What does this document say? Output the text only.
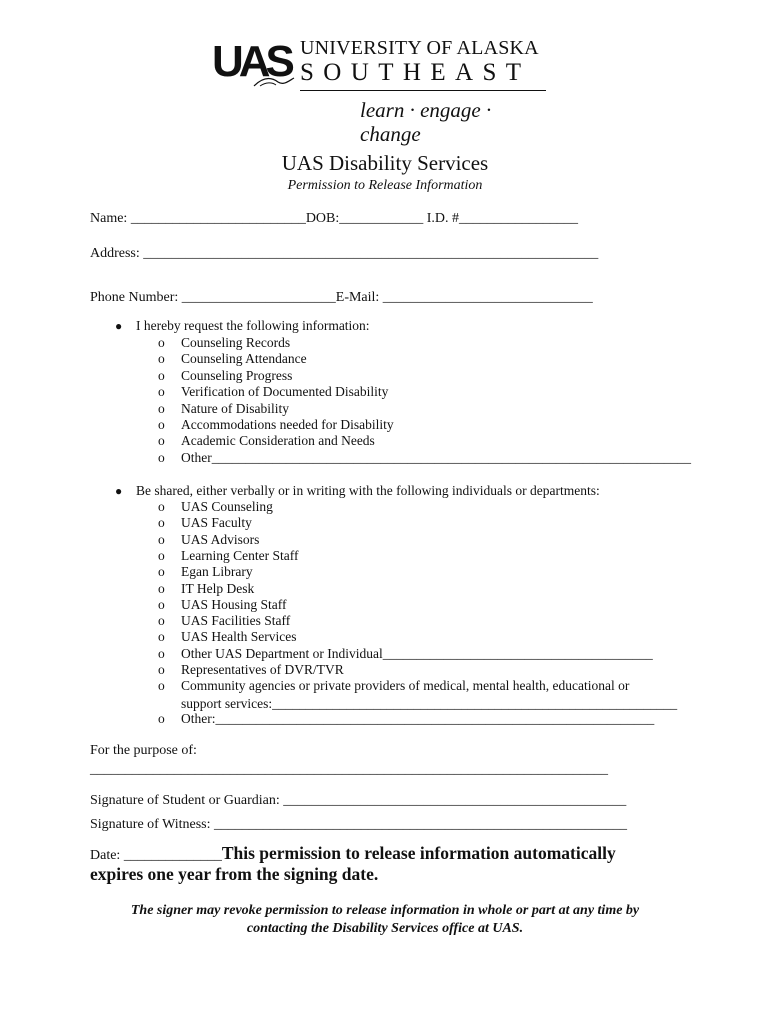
UAS UNIVERSITY OF ALASKA
SOUTHEAST
learn · engage · change
UAS Disability Services
Permission to Release Information
Name: _________________________DOB:____________ I.D. #_________________
Address: _________________________________________________________________
Phone Number: ______________________E-Mail: ______________________________
● I hereby request the following information:
o Counseling Records
o Counseling Attendance
o Counseling Progress
o Verification of Documented Disability
o Nature of Disability
o Accommodations needed for Disability
o Academic Consideration and Needs
o Other_______________________________________________________________________
● Be shared, either verbally or in writing with the following individuals or departments:
o UAS Counseling
o UAS Faculty
o UAS Advisors
o Learning Center Staff
o Egan Library
o IT Help Desk
o UAS Housing Staff
o UAS Facilities Staff
o UAS Health Services
o Other UAS Department or Individual________________________________________
o Representatives of DVR/TVR
o Community agencies or private providers of medical, mental health, educational or
o Other:_________________________________________________________________
support services:____________________________________________________________
For the purpose of:
__________________________________________________________________________
Signature of Student or Guardian: _________________________________________________
Signature of Witness: ___________________________________________________________
Date: ______________This permission to release information automatically
expires one year from the signing date.
The signer may revoke permission to release information in whole or part at any time by
contacting the Disability Services office at UAS.
